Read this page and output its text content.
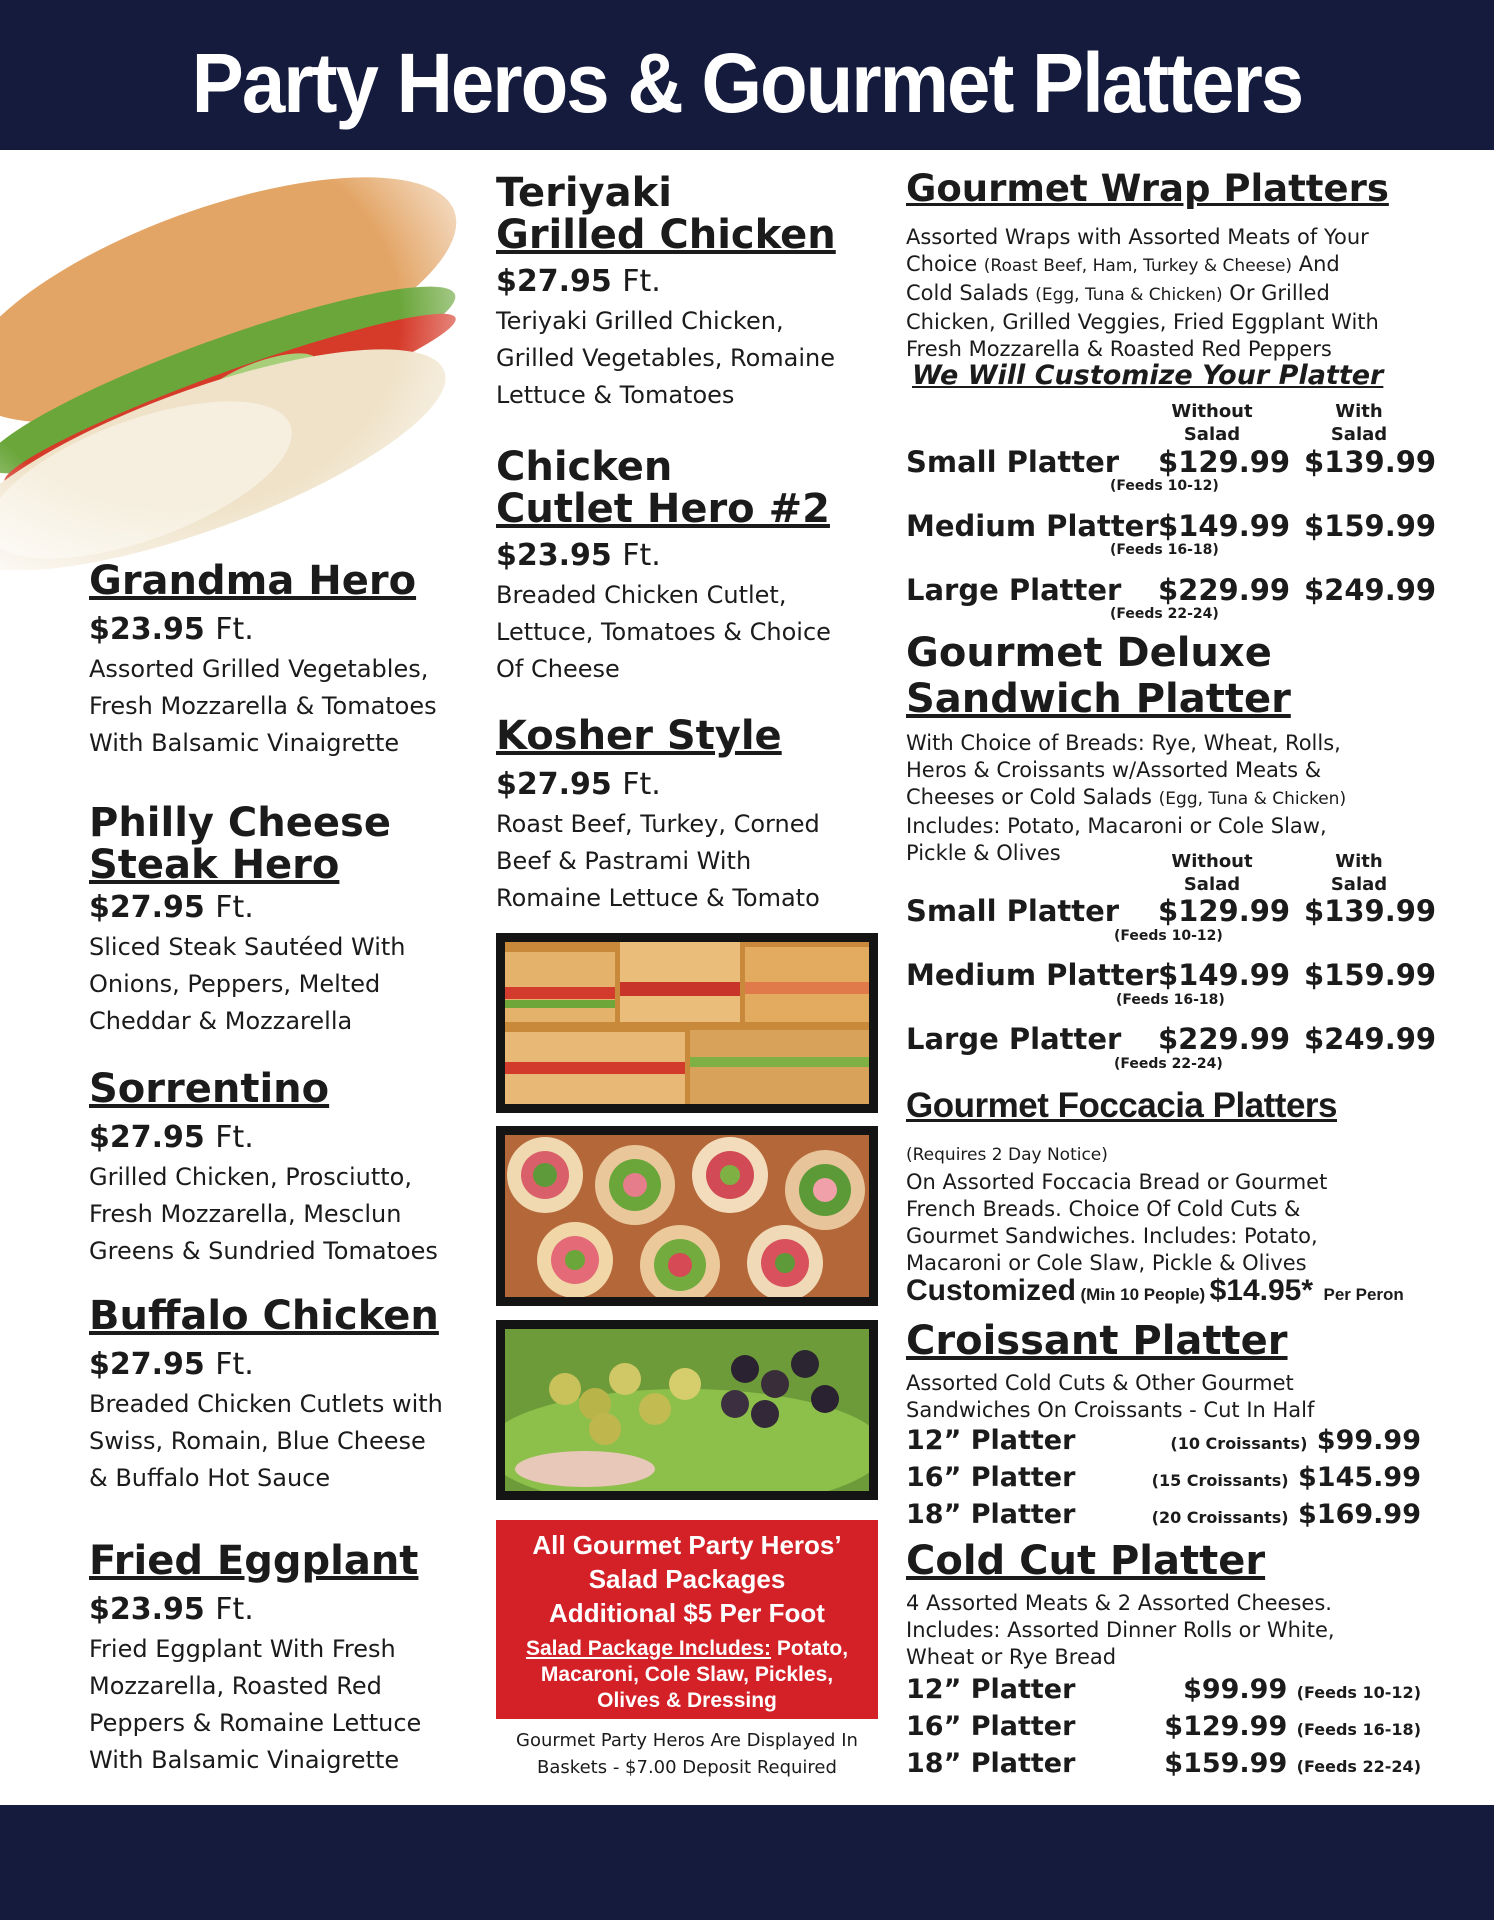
Party Heros & Gourmet Platters

Grandma Hero

$23.95 Ft.

Assorted Grilled Vegetables,
Fresh Mozzarella & Tomatoes
With Balsamic Vinaigrette

Philly Cheese

Steak Hero

$27.95 Ft.

Sliced Steak Sautéed With
Onions, Peppers, Melted
Cheddar & Mozzarella

Sorrentino

$27.95 Ft.

Grilled Chicken, Prosciutto,
Fresh Mozzarella, Mesclun
Greens & Sundried Tomatoes

Buffalo Chicken

$27.95 Ft.

Breaded Chicken Cutlets with
Swiss, Romain, Blue Cheese
& Buffalo Hot Sauce

Fried Eggplant

$23.95 Ft.

Fried Eggplant With Fresh
Mozzarella, Roasted Red
Peppers & Romaine Lettuce
With Balsamic Vinaigrette

Teriyaki

Grilled Chicken

$27.95 Ft.

Teriyaki Grilled Chicken,
Grilled Vegetables, Romaine
Lettuce & Tomatoes

Chicken

Cutlet Hero #2

$23.95 Ft.

Breaded Chicken Cutlet,
Lettuce, Tomatoes & Choice
Of Cheese

Kosher Style

$27.95 Ft.

Roast Beef, Turkey, Corned
Beef & Pastrami With
Romaine Lettuce & Tomato

All Gourmet Party Heros’
Salad Packages
Additional $5 Per Foot
Salad Package Includes: Potato,
Macaroni, Cole Slaw, Pickles,
Olives & Dressing
Gourmet Party Heros Are Displayed In
Baskets - $7.00 Deposit Required

Gourmet Wrap Platters

Assorted Wraps with Assorted Meats of Your
Choice (Roast Beef, Ham, Turkey & Cheese) And
Cold Salads (Egg, Tuna & Chicken) Or Grilled
Chicken, Grilled Veggies, Fried Eggplant With
Fresh Mozzarella & Roasted Red Peppers

We Will Customize Your Platter

Without
Salad
With
Salad
Small Platter $129.99 $139.99
(Feeds 10-12)
Medium Platter $149.99 $159.99
(Feeds 16-18)
Large Platter $229.99 $249.99
(Feeds 22-24)

Gourmet Deluxe

Sandwich Platter

With Choice of Breads: Rye, Wheat, Rolls,
Heros & Croissants w/Assorted Meats &
Cheeses or Cold Salads (Egg, Tuna & Chicken)
Includes: Potato, Macaroni or Cole Slaw,
Pickle & Olives	Without
Salad
With
Salad
Small Platter $129.99 $139.99
(Feeds 10-12)
Medium Platter $149.99 $159.99
(Feeds 16-18)
Large Platter $229.99 $249.99
(Feeds 22-24)

Gourmet Foccacia Platters

(Requires 2 Day Notice)
On Assorted Foccacia Bread or Gourmet
French Breads. Choice Of Cold Cuts &
Gourmet Sandwiches. Includes: Potato,
Macaroni or Cole Slaw, Pickle & Olives
Customized (Min 10 People) $14.95* Per Peron

Croissant Platter

Assorted Cold Cuts & Other Gourmet
Sandwiches On Croissants - Cut In Half
12” Platter	(10 Croissants) $99.99
16” Platter	(15 Croissants) $145.99
18” Platter	(20 Croissants) $169.99

Cold Cut Platter

4 Assorted Meats & 2 Assorted Cheeses.
Includes: Assorted Dinner Rolls or White,
Wheat or Rye Bread
12” Platter	$99.99 (Feeds 10-12)
16” Platter	$129.99 (Feeds 16-18)
18” Platter	$159.99 (Feeds 22-24)
